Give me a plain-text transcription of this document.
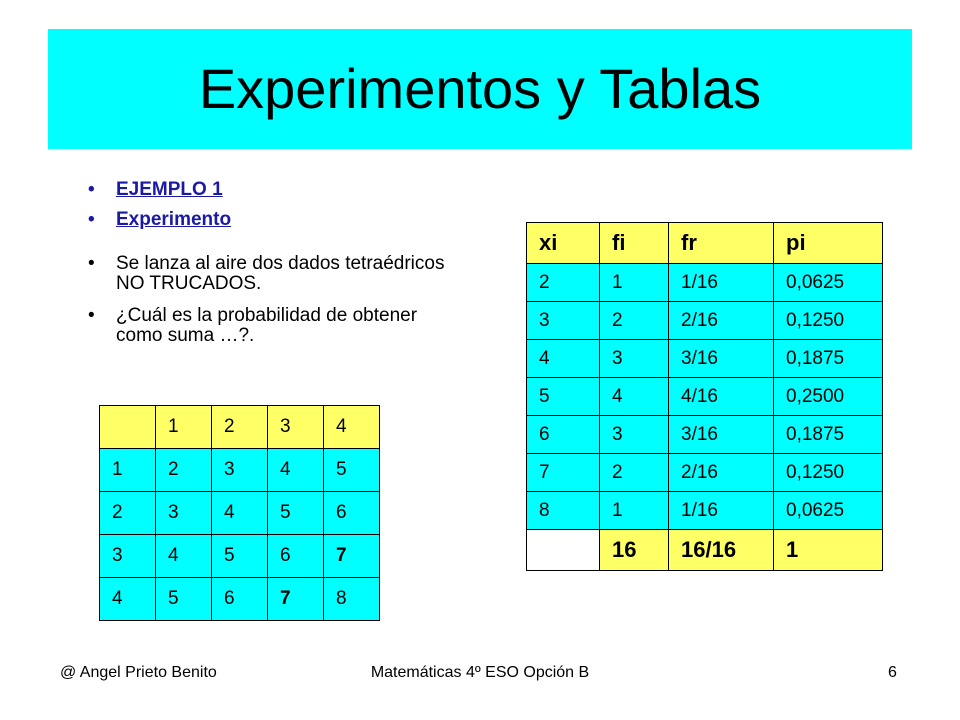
Experimentos y Tablas
• EJEMPLO 1
• Experimento
• Se lanza al aire dos dados tetraédricos NO TRUCADOS.
• ¿Cuál es la probabilidad de obtener como suma …?.
	1	2	3	4
1	2	3	4	5
2	3	4	5	6
3	4	5	6	7
4	5	6	7	8
xi	fi	fr	pi
2	1	1/16	0,0625
3	2	2/16	0,1250
4	3	3/16	0,1875
5	4	4/16	0,2500
6	3	3/16	0,1875
7	2	2/16	0,1250
8	1	1/16	0,0625
	16	16/16	1
@ Angel Prieto Benito	Matemáticas 4º ESO Opción B	6
